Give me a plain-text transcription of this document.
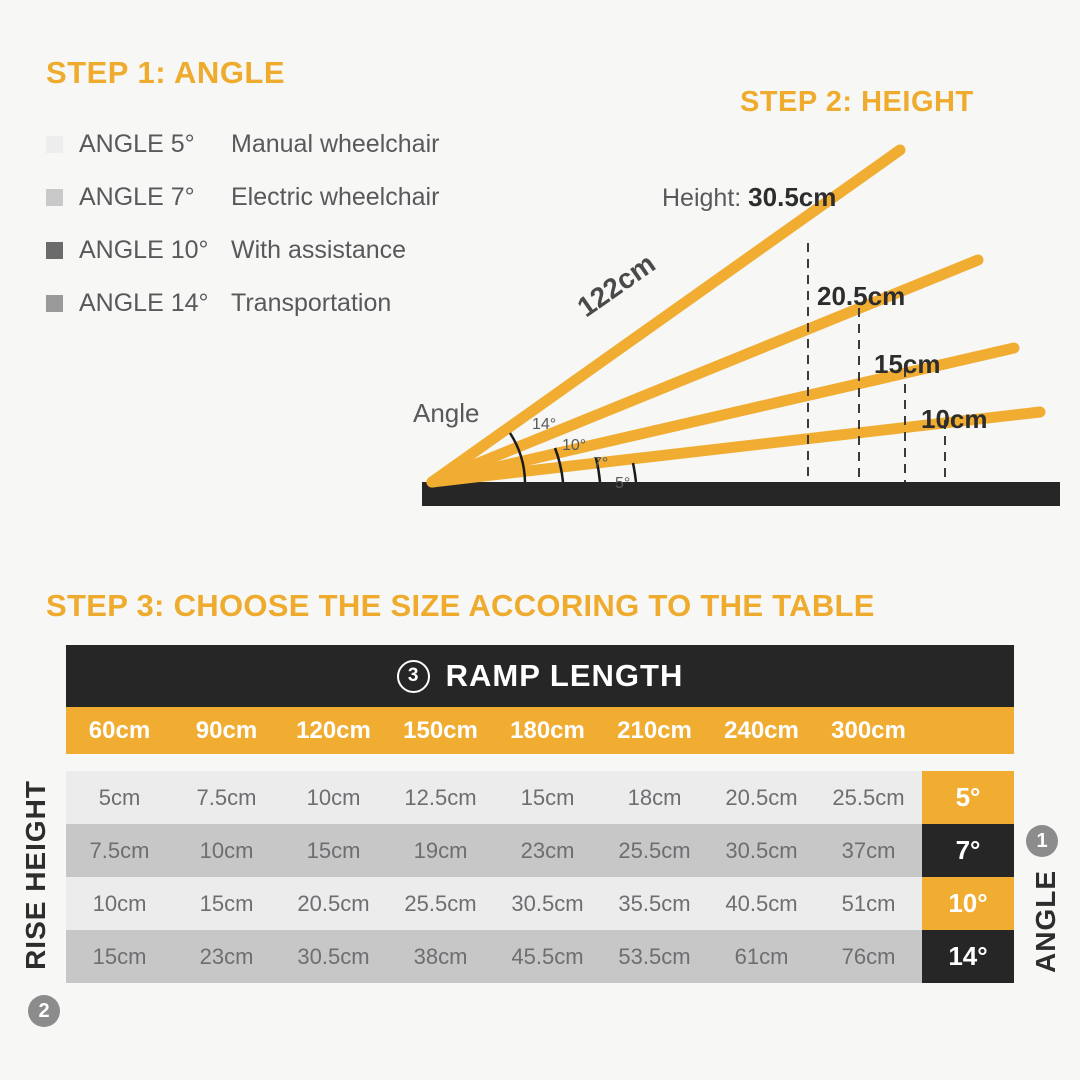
STEP 1: ANGLE
ANGLE 5°	Manual wheelchair
ANGLE 7°	Electric wheelchair
ANGLE 10° With assistance
ANGLE 14° Transportation
STEP 2: HEIGHT
Angle
122cm
14°
10°
7°
5°
Height: 30.5cm
20.5cm
15cm
10cm
STEP 3: CHOOSE THE SIZE ACCORING TO THE TABLE
3 RAMP LENGTH
60cm	90cm	120cm	150cm	180cm	210cm	240cm	300cm	

5cm	7.5cm	10cm	12.5cm	15cm	18cm	20.5cm	25.5cm	5°
7.5cm	10cm	15cm	19cm	23cm	25.5cm	30.5cm	37cm	7°
10cm	15cm	20.5cm	25.5cm	30.5cm	35.5cm	40.5cm	51cm	10°
15cm	23cm	30.5cm	38cm	45.5cm	53.5cm	61cm	76cm	14°
RISE HEIGHT
2
1
ANGLE
